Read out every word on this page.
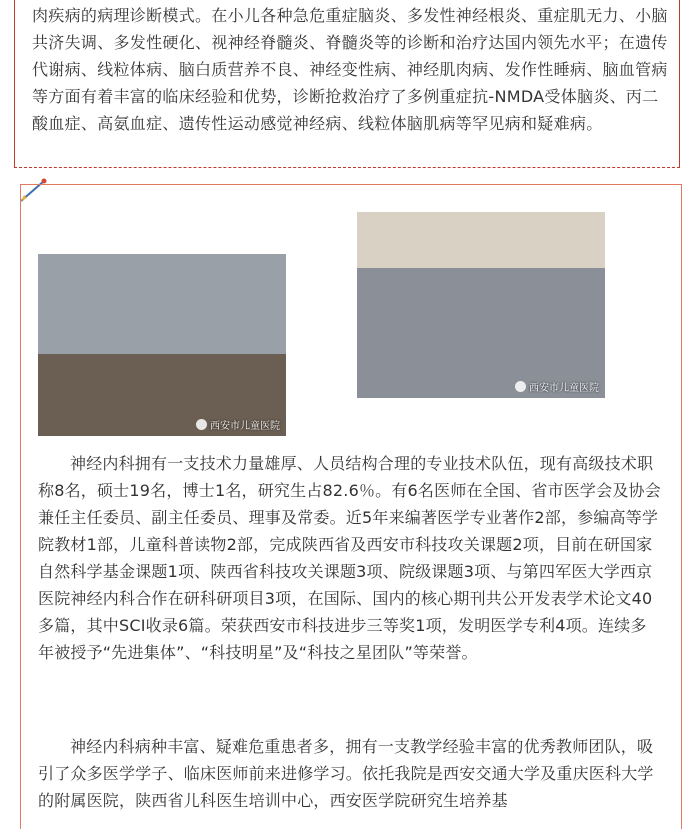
肉疾病的病理诊断模式。在小儿各种急危重症脑炎、多发性神经根炎、重症肌无力、小脑共济失调、多发性硬化、视神经脊髓炎、脊髓炎等的诊断和治疗达国内领先水平；在遗传代谢病、线粒体病、脑白质营养不良、神经变性病、神经肌肉病、发作性睡病、脑血管病等方面有着丰富的临床经验和优势，诊断抢救治疗了多例重症抗-NMDA受体脑炎、丙二酸血症、高氨血症、遗传性运动感觉神经病、线粒体脑肌病等罕见病和疑难病。

西安市儿童医院
西安市儿童医院

神经内科拥有一支技术力量雄厚、人员结构合理的专业技术队伍，现有高级技术职称8名，硕士19名，博士1名，研究生占82.6％。有6名医师在全国、省市医学会及协会兼任主任委员、副主任委员、理事及常委。近5年来编著医学专业著作2部，参编高等学院教材1部，儿童科普读物2部，完成陕西省及西安市科技攻关课题2项，目前在研国家自然科学基金课题1项、陕西省科技攻关课题3项、院级课题3项、与第四军医大学西京医院神经内科合作在研科研项目3项，在国际、国内的核心期刊共公开发表学术论文40多篇，其中SCI收录6篇。荣获西安市科技进步三等奖1项，发明医学专利4项。连续多年被授予“先进集体”、“科技明星”及“科技之星团队”等荣誉。

神经内科病种丰富、疑难危重患者多，拥有一支教学经验丰富的优秀教师团队，吸引了众多医学学子、临床医师前来进修学习。依托我院是西安交通大学及重庆医科大学的附属医院，陕西省儿科医生培训中心，西安医学院研究生培养基
